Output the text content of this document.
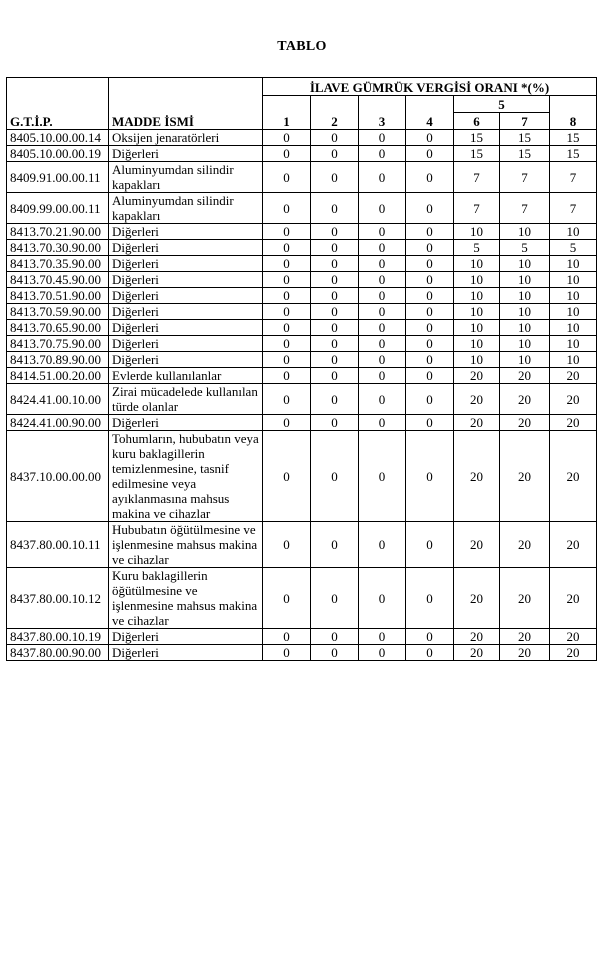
TABLO
G.T.İ.P.	MADDE İSMİ	İLAVE GÜMRÜK VERGİSİ ORANI *(%)						
		1	2	3	4	5		8
						6	7	
8405.10.00.00.14	Oksijen jenaratörleri	0	0	0	0	15	15	15
8405.10.00.00.19	Diğerleri	0	0	0	0	15	15	15
8409.91.00.00.11	Aluminyumdan silindir kapakları	0	0	0	0	7	7	7
8409.99.00.00.11	Aluminyumdan silindir kapakları	0	0	0	0	7	7	7
8413.70.21.90.00	Diğerleri	0	0	0	0	10	10	10
8413.70.30.90.00	Diğerleri	0	0	0	0	5	5	5
8413.70.35.90.00	Diğerleri	0	0	0	0	10	10	10
8413.70.45.90.00	Diğerleri	0	0	0	0	10	10	10
8413.70.51.90.00	Diğerleri	0	0	0	0	10	10	10
8413.70.59.90.00	Diğerleri	0	0	0	0	10	10	10
8413.70.65.90.00	Diğerleri	0	0	0	0	10	10	10
8413.70.75.90.00	Diğerleri	0	0	0	0	10	10	10
8413.70.89.90.00	Diğerleri	0	0	0	0	10	10	10
8414.51.00.20.00	Evlerde kullanılanlar	0	0	0	0	20	20	20
8424.41.00.10.00	Zirai mücadelede kullanılan türde olanlar	0	0	0	0	20	20	20
8424.41.00.90.00	Diğerleri	0	0	0	0	20	20	20
8437.10.00.00.00	Tohumların, hububatın veya kuru baklagillerin temizlenmesine, tasnif edilmesine veya ayıklanmasına mahsus makina ve cihazlar	0	0	0	0	20	20	20
8437.80.00.10.11	Hububatın öğütülmesine ve işlenmesine mahsus makina ve cihazlar	0	0	0	0	20	20	20
8437.80.00.10.12	Kuru baklagillerin öğütülmesine ve işlenmesine mahsus makina ve cihazlar	0	0	0	0	20	20	20
8437.80.00.10.19	Diğerleri	0	0	0	0	20	20	20
8437.80.00.90.00	Diğerleri	0	0	0	0	20	20	20
